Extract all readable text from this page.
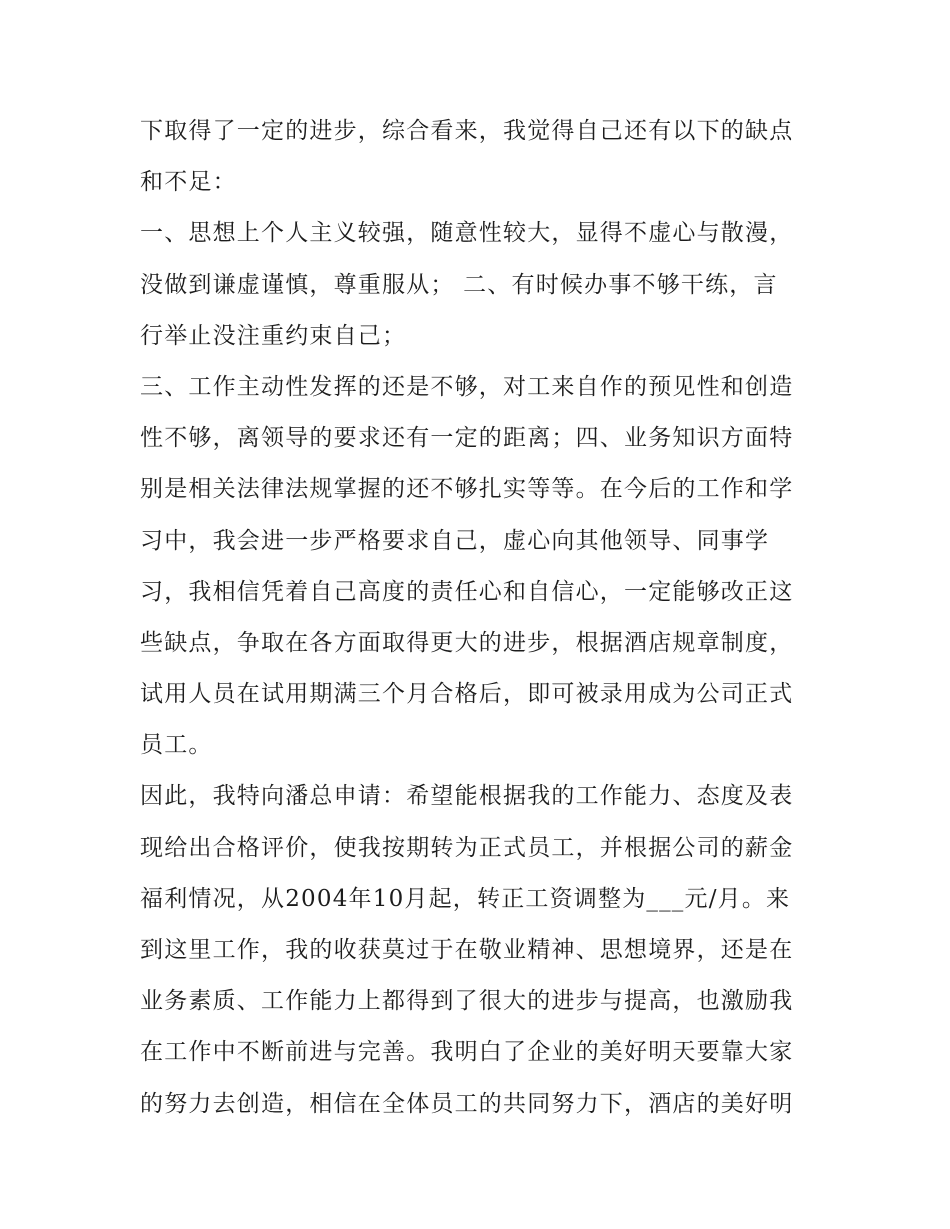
下取得了一定的进步，综合看来，我觉得自己还有以下的缺点
和不足：
一、思想上个人主义较强，随意性较大，显得不虚心与散漫，
没做到谦虚谨慎，尊重服从； 二、有时候办事不够干练，言
行举止没注重约束自己；
三、工作主动性发挥的还是不够，对工来自作的预见性和创造
性不够，离领导的要求还有一定的距离；四、业务知识方面特
别是相关法律法规掌握的还不够扎实等等。在今后的工作和学
习中，我会进一步严格要求自己，虚心向其他领导、同事学
习，我相信凭着自己高度的责任心和自信心，一定能够改正这
些缺点，争取在各方面取得更大的进步，根据酒店规章制度，
试用人员在试用期满三个月合格后，即可被录用成为公司正式
员工。
因此，我特向潘总申请：希望能根据我的工作能力、态度及表
现给出合格评价，使我按期转为正式员工，并根据公司的薪金
福利情况，从2004年10月起，转正工资调整为___元/月。来
到这里工作，我的收获莫过于在敬业精神、思想境界，还是在
业务素质、工作能力上都得到了很大的进步与提高，也激励我
在工作中不断前进与完善。我明白了企业的美好明天要靠大家
的努力去创造，相信在全体员工的共同努力下，酒店的美好明
